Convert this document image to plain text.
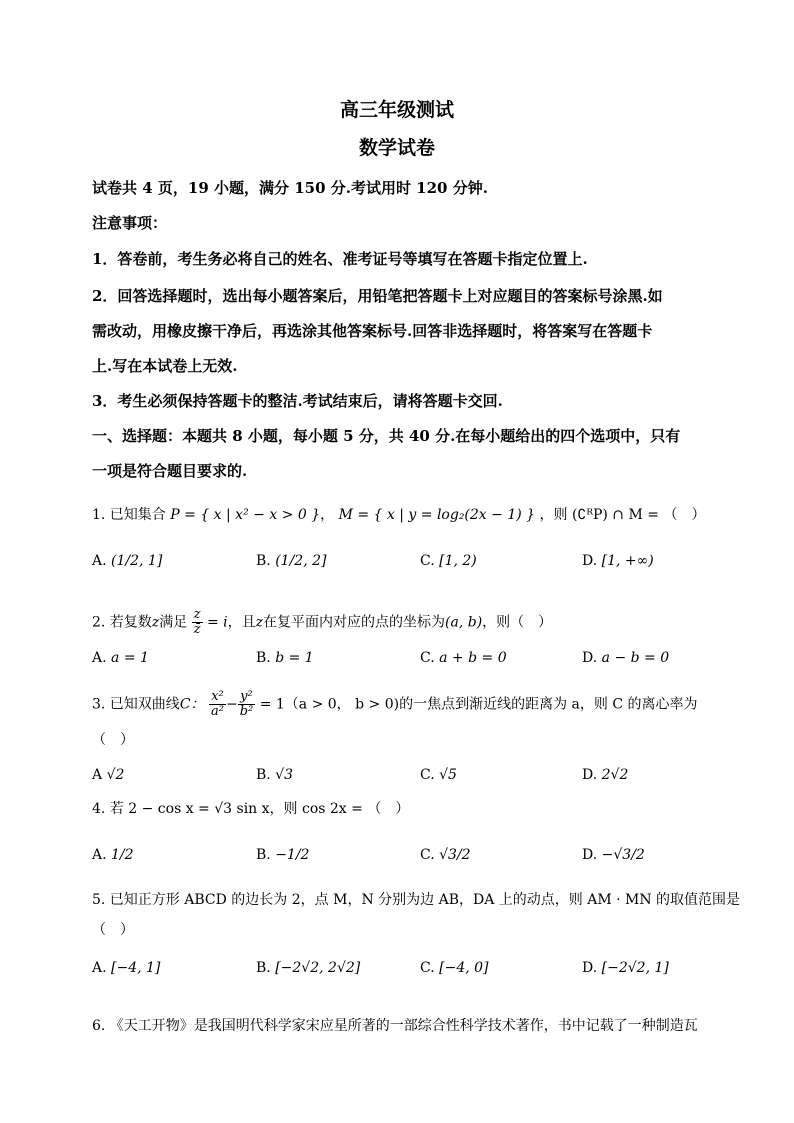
高三年级测试
数学试卷
试卷共 4 页，19 小题，满分 150 分.考试用时 120 分钟.
注意事项：
1．答卷前，考生务必将自己的姓名、准考证号等填写在答题卡指定位置上.
2．回答选择题时，选出每小题答案后，用铅笔把答题卡上对应题目的答案标号涂黑.如
需改动，用橡皮擦干净后，再选涂其他答案标号.回答非选择题时，将答案写在答题卡
上.写在本试卷上无效.
3．考生必须保持答题卡的整洁.考试结束后，请将答题卡交回.
一、选择题：本题共 8 小题，每小题 5 分，共 40 分.在每小题给出的四个选项中，只有
一项是符合题目要求的.
1. 已知集合 P = { x | x² − x > 0 }， M = { x | y = log₂(2x − 1) } ，则 (∁ᴿP) ∩ M = （　）
A. (1/2, 1]	B. (1/2, 2]	C. [1, 2)	D. [1, +∞)
2. 若复数z满足 $\frac{z}{z̄} = i$，且z在复平面内对应的点的坐标为(a, b)，则（　）
A. a = 1	B. b = 1	C. a + b = 0	D. a − b = 0
3. 已知双曲线C： $\frac{\text{x²}}{\text{a²}} - \frac{\text{y²}}{\text{b²}} = 1(a > 0$， b > 0)的一焦点到渐近线的距离为 a，则 C 的离心率为
（　）
A √2	B. √3	C. √5	D. 2√2
4. 若 2 − cos x = √3 sin x，则 cos 2x = （　）
A. 1/2	B. −1/2	C. √3/2	D. −√3/2
5. 已知正方形 ABCD 的边长为 2，点 M，N 分别为边 AB，DA 上的动点，则 AM · MN 的取值范围是
（　）
A. [−4, 1]	B. [−2√2, 2√2]	C. [−4, 0]	D. [−2√2, 1]
6. 《天工开物》是我国明代科学家宋应星所著的一部综合性科学技术著作，书中记载了一种制造瓦
